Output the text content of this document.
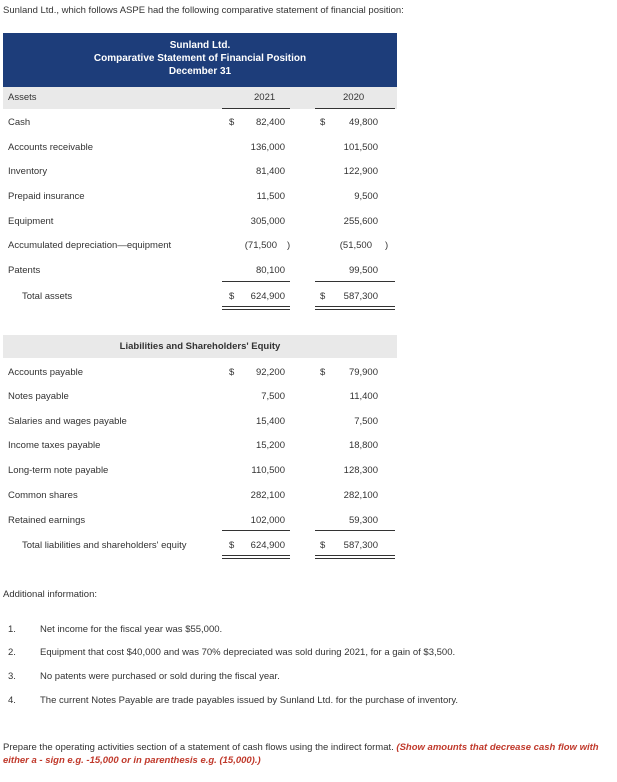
Sunland Ltd., which follows ASPE had the following comparative statement of financial position:
Sunland Ltd.
Comparative Statement of Financial Position
December 31
Assets	2021	2020
Cash	$	82,400	$	49,800
Accounts receivable	136,000	101,500
Inventory	81,400	122,900
Prepaid insurance	11,500	9,500
Equipment	305,000	255,600
Accumulated depreciation—equipment	(71,500 )	(51,500 )
Patents	80,100	99,500
Total assets	$	624,900	$	587,300
Liabilities and Shareholders' Equity
Accounts payable	$	92,200	$	79,900
Notes payable	7,500	11,400
Salaries and wages payable	15,400	7,500
Income taxes payable	15,200	18,800
Long-term note payable	110,500	128,300
Common shares	282,100	282,100
Retained earnings	102,000	59,300
Total liabilities and shareholders' equity	$	624,900	$	587,300
Additional information:
1.	Net income for the fiscal year was $55,000.
2.	Equipment that cost $40,000 and was 70% depreciated was sold during 2021, for a gain of $3,500.
3.	No patents were purchased or sold during the fiscal year.
4.	The current Notes Payable are trade payables issued by Sunland Ltd. for the purchase of inventory.
Prepare the operating activities section of a statement of cash flows using the indirect format. (Show amounts that decrease cash flow with either a - sign e.g. -15,000 or in parenthesis e.g. (15,000).)
